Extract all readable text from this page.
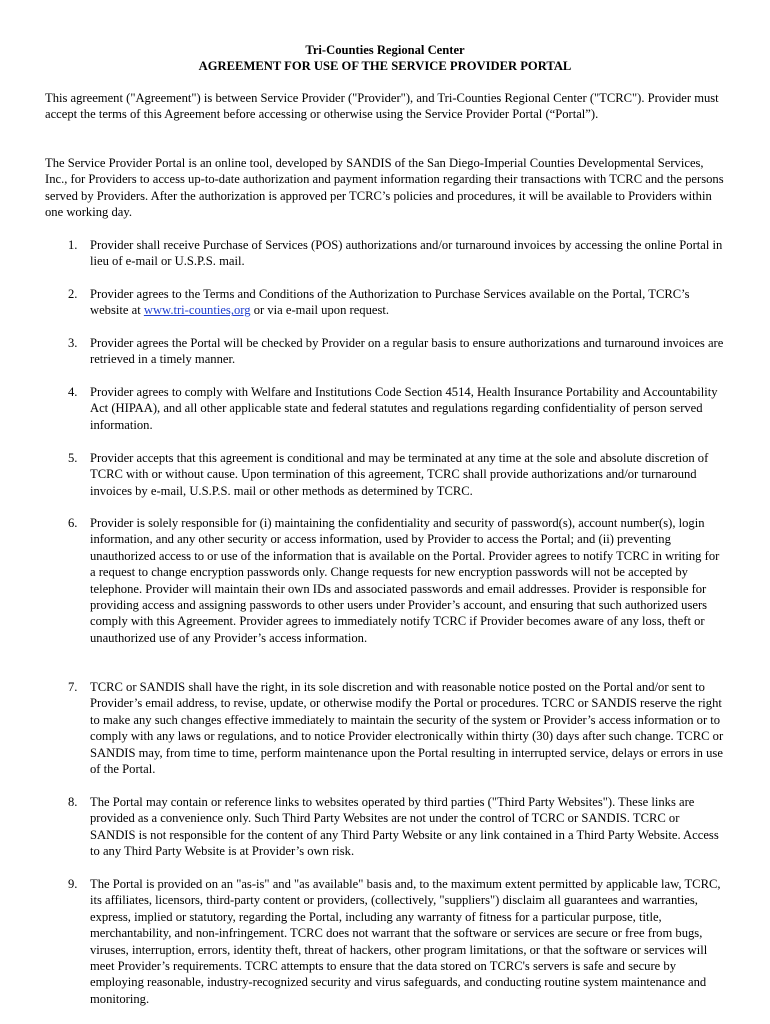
Tri-Counties Regional Center
AGREEMENT FOR USE OF THE SERVICE PROVIDER PORTAL
This agreement ("Agreement") is between Service Provider ("Provider"), and Tri-Counties Regional Center ("TCRC"). Provider must accept the terms of this Agreement before accessing or otherwise using the Service Provider Portal (“Portal”).
The Service Provider Portal is an online tool, developed by SANDIS of the San Diego-Imperial Counties Developmental Services, Inc., for Providers to access up-to-date authorization and payment information regarding their transactions with TCRC and the persons served by Providers. After the authorization is approved per TCRC’s policies and procedures, it will be available to Providers within one working day.
1. Provider shall receive Purchase of Services (POS) authorizations and/or turnaround invoices by accessing the online Portal in lieu of e-mail or U.S.P.S. mail.
2. Provider agrees to the Terms and Conditions of the Authorization to Purchase Services available on the Portal, TCRC’s website at www.tri-counties,org or via e-mail upon request.
3. Provider agrees the Portal will be checked by Provider on a regular basis to ensure authorizations and turnaround invoices are retrieved in a timely manner.
4. Provider agrees to comply with Welfare and Institutions Code Section 4514, Health Insurance Portability and Accountability Act (HIPAA), and all other applicable state and federal statutes and regulations regarding confidentiality of person served information.
5. Provider accepts that this agreement is conditional and may be terminated at any time at the sole and absolute discretion of TCRC with or without cause. Upon termination of this agreement, TCRC shall provide authorizations and/or turnaround invoices by e-mail, U.S.P.S. mail or other methods as determined by TCRC.
6. Provider is solely responsible for (i) maintaining the confidentiality and security of password(s), account number(s), login information, and any other security or access information, used by Provider to access the Portal; and (ii) preventing unauthorized access to or use of the information that is available on the Portal. Provider agrees to notify TCRC in writing for a request to change encryption passwords only. Change requests for new encryption passwords will not be accepted by telephone. Provider will maintain their own IDs and associated passwords and email addresses. Provider is responsible for providing access and assigning passwords to other users under Provider’s account, and ensuring that such authorized users comply with this Agreement. Provider agrees to immediately notify TCRC if Provider becomes aware of any loss, theft or unauthorized use of any Provider’s access information.
7. TCRC or SANDIS shall have the right, in its sole discretion and with reasonable notice posted on the Portal and/or sent to Provider’s email address, to revise, update, or otherwise modify the Portal or procedures. TCRC or SANDIS reserve the right to make any such changes effective immediately to maintain the security of the system or Provider’s access information or to comply with any laws or regulations, and to notice Provider electronically within thirty (30) days after such change. TCRC or SANDIS may, from time to time, perform maintenance upon the Portal resulting in interrupted service, delays or errors in use of the Portal.
8. The Portal may contain or reference links to websites operated by third parties ("Third Party Websites"). These links are provided as a convenience only. Such Third Party Websites are not under the control of TCRC or SANDIS. TCRC or SANDIS is not responsible for the content of any Third Party Website or any link contained in a Third Party Website. Access to any Third Party Website is at Provider’s own risk.
9. The Portal is provided on an "as-is" and "as available" basis and, to the maximum extent permitted by applicable law, TCRC, its affiliates, licensors, third-party content or providers, (collectively, "suppliers") disclaim all guarantees and warranties, express, implied or statutory, regarding the Portal, including any warranty of fitness for a particular purpose, title, merchantability, and non-infringement. TCRC does not warrant that the software or services are secure or free from bugs, viruses, interruption, errors, identity theft, threat of hackers, other program limitations, or that the software or services will meet Provider’s requirements. TCRC attempts to ensure that the data stored on TCRC's servers is safe and secure by employing reasonable, industry-recognized security and virus safeguards, and conducting routine system maintenance and monitoring.
